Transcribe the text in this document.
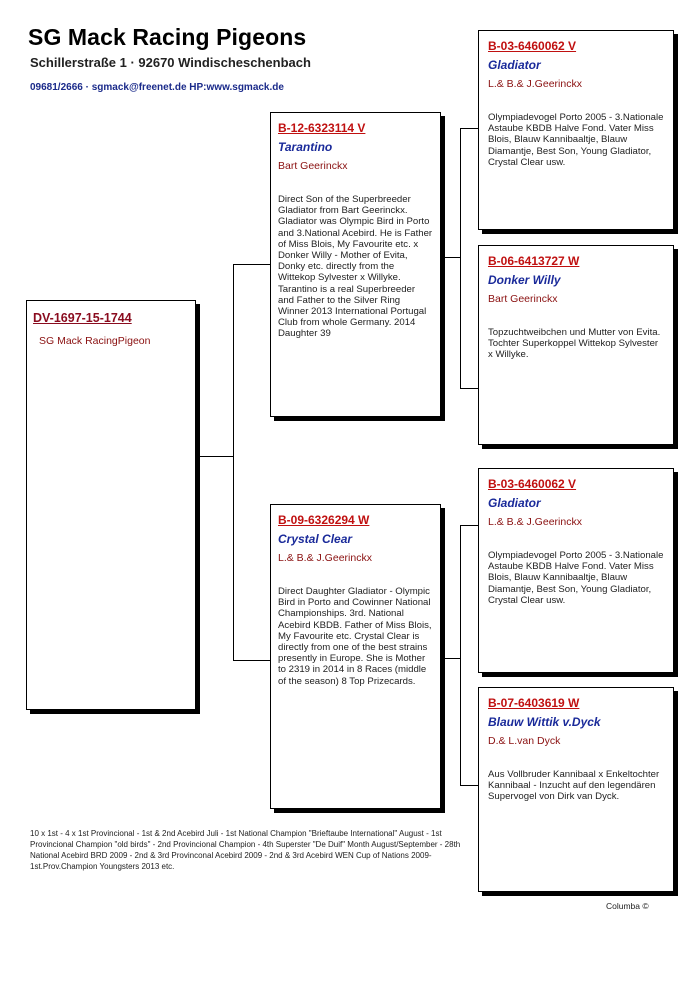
SG Mack Racing Pigeons
Schillerstraße 1 · 92670 Windischeschenbach
09681/2666 · sgmack@freenet.de HP:www.sgmack.de
DV-1697-15-1744
SG Mack RacingPigeon
B-12-6323114 V
Tarantino
Bart Geerinckx
Direct Son of the Superbreeder Gladiator from Bart Geerinckx. Gladiator was Olympic Bird in Porto and 3.National Acebird. He is Father of Miss Blois, My Favourite etc. x Donker Willy - Mother of Evita, Donky etc. directly from the Wittekop Sylvester x Willyke. Tarantino is a real Superbreeder and Father to the Silver Ring Winner 2013 International Portugal Club from whole Germany. 2014 Daughter 39
B-09-6326294 W
Crystal Clear
L.& B.& J.Geerinckx
Direct Daughter Gladiator - Olympic Bird in Porto and Cowinner National Championships. 3rd. National Acebird KBDB. Father of Miss Blois, My Favourite etc. Crystal Clear is directly from one of the best strains presently in Europe. She is Mother to 2319 in 2014 in 8 Races (middle of the season) 8 Top Prizecards.
B-03-6460062 V
Gladiator
L.& B.& J.Geerinckx
Olympiadevogel Porto 2005 - 3.Nationale Astaube KBDB Halve Fond. Vater Miss Blois, Blauw Kannibaaltje, Blauw Diamantje, Best Son, Young Gladiator, Crystal Clear usw.
B-06-6413727 W
Donker Willy
Bart Geerinckx
Topzuchtweibchen und Mutter von Evita. Tochter Superkoppel Wittekop Sylvester x Willyke.
B-03-6460062 V
Gladiator
L.& B.& J.Geerinckx
Olympiadevogel Porto 2005 - 3.Nationale Astaube KBDB Halve Fond. Vater Miss Blois, Blauw Kannibaaltje, Blauw Diamantje, Best Son, Young Gladiator, Crystal Clear usw.
B-07-6403619 W
Blauw Wittik v.Dyck
D.& L.van Dyck
Aus Vollbruder Kannibaal x Enkeltochter Kannibaal - Inzucht auf den legendären Supervogel von Dirk van Dyck.
10 x 1st - 4 x 1st Provincional - 1st & 2nd Acebird Juli - 1st National Champion "Brieftaube International" August - 1st Provincional Champion "old birds" - 2nd Provincional Champion - 4th Superster "De Duif" Month August/September - 28th National Acebird BRD 2009 - 2nd & 3rd Provinconal Acebird 2009 - 2nd & 3rd Acebird WEN Cup of Nations 2009-1st.Prov.Champion Youngsters 2013 etc.
Columba ©
